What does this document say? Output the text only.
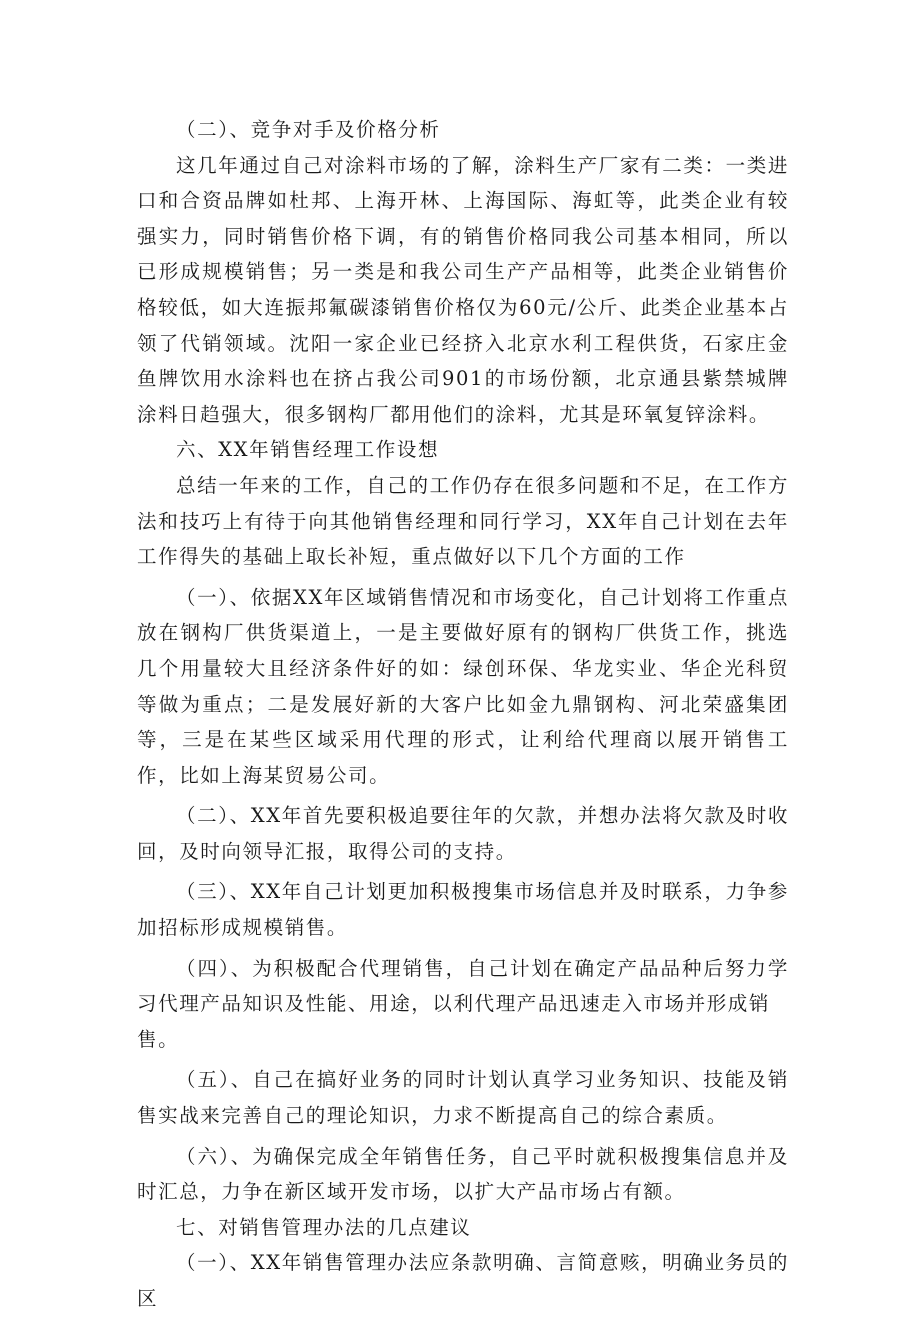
（二）、竞争对手及价格分析

这几年通过自己对涂料市场的了解，涂料生产厂家有二类：一类进口和合资品牌如杜邦、上海开林、上海国际、海虹等，此类企业有较强实力，同时销售价格下调，有的销售价格同我公司基本相同，所以已形成规模销售；另一类是和我公司生产产品相等，此类企业销售价格较低，如大连振邦氟碳漆销售价格仅为60元/公斤、此类企业基本占领了代销领域。沈阳一家企业已经挤入北京水利工程供货，石家庄金鱼牌饮用水涂料也在挤占我公司901的市场份额，北京通县紫禁城牌涂料日趋强大，很多钢构厂都用他们的涂料，尤其是环氧复锌涂料。

六、XX年销售经理工作设想

总结一年来的工作，自己的工作仍存在很多问题和不足，在工作方法和技巧上有待于向其他销售经理和同行学习，XX年自己计划在去年工作得失的基础上取长补短，重点做好以下几个方面的工作

（一）、依据XX年区域销售情况和市场变化，自己计划将工作重点放在钢构厂供货渠道上，一是主要做好原有的钢构厂供货工作，挑选几个用量较大且经济条件好的如：绿创环保、华龙实业、华企光科贸等做为重点；二是发展好新的大客户比如金九鼎钢构、河北荣盛集团等，三是在某些区域采用代理的形式，让利给代理商以展开销售工作，比如上海某贸易公司。

（二）、XX年首先要积极追要往年的欠款，并想办法将欠款及时收回，及时向领导汇报，取得公司的支持。

（三）、XX年自己计划更加积极搜集市场信息并及时联系，力争参加招标形成规模销售。

（四）、为积极配合代理销售，自己计划在确定产品品种后努力学习代理产品知识及性能、用途，以利代理产品迅速走入市场并形成销
售。

（五）、自己在搞好业务的同时计划认真学习业务知识、技能及销售实战来完善自己的理论知识，力求不断提高自己的综合素质。

（六）、为确保完成全年销售任务，自己平时就积极搜集信息并及时汇总，力争在新区域开发市场，以扩大产品市场占有额。

七、对销售管理办法的几点建议

（一）、XX年销售管理办法应条款明确、言简意赅，明确业务员的区
